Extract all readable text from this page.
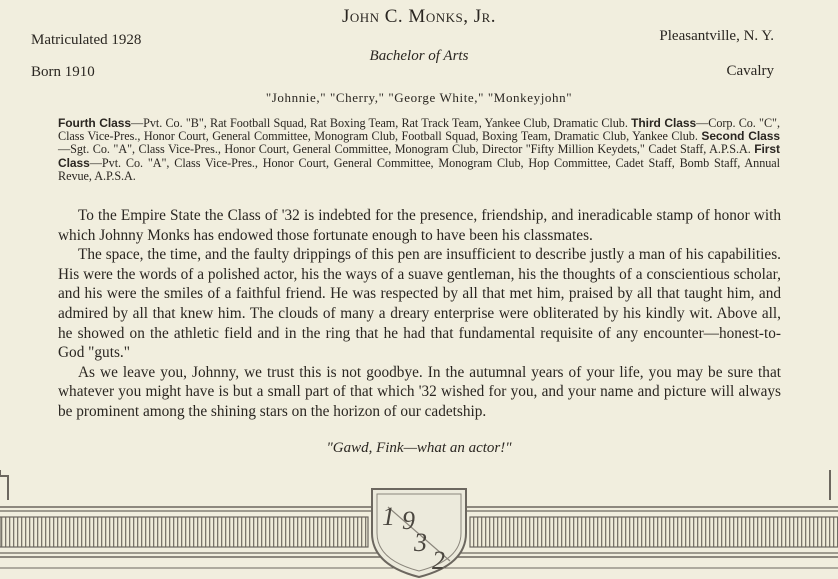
John C. Monks, Jr.
Bachelor of Arts
Matriculated 1928
Born 1910
Pleasantville, N. Y.
Cavalry
"Johnnie," "Cherry," "George White," "Monkeyjohn"
Fourth Class—Pvt. Co. "B", Rat Football Squad, Rat Boxing Team, Rat Track Team, Yankee Club, Dramatic Club. Third Class—Corp. Co. "C", Class Vice-Pres., Honor Court, General Committee, Monogram Club, Football Squad, Boxing Team, Dramatic Club, Yankee Club. Second Class—Sgt. Co. "A", Class Vice-Pres., Honor Court, General Committee, Monogram Club, Director "Fifty Million Keydets," Cadet Staff, A.P.S.A. First Class—Pvt. Co. "A", Class Vice-Pres., Honor Court, General Committee, Monogram Club, Hop Committee, Cadet Staff, Bomb Staff, Annual Revue, A.P.S.A.

To the Empire State the Class of '32 is indebted for the presence, friendship, and ineradicable stamp of honor with which Johnny Monks has endowed those fortunate enough to have been his classmates.

The space, the time, and the faulty drippings of this pen are insufficient to describe justly a man of his capabilities. His were the words of a polished actor, his the ways of a suave gentleman, his the thoughts of a conscientious scholar, and his were the smiles of a faithful friend. He was respected by all that met him, praised by all that taught him, and admired by all that knew him. The clouds of many a dreary enterprise were obliterated by his kindly wit. Above all, he showed on the athletic field and in the ring that he had that fundamental requisite of any encounter—honest-to-God "guts."

As we leave you, Johnny, we trust this is not goodbye. In the autumnal years of your life, you may be sure that whatever you might have is but a small part of that which '32 wished for you, and your name and picture will always be prominent among the shining stars on the horizon of our cadetship.

"Gawd, Fink—what an actor!"
1 9
3
2
